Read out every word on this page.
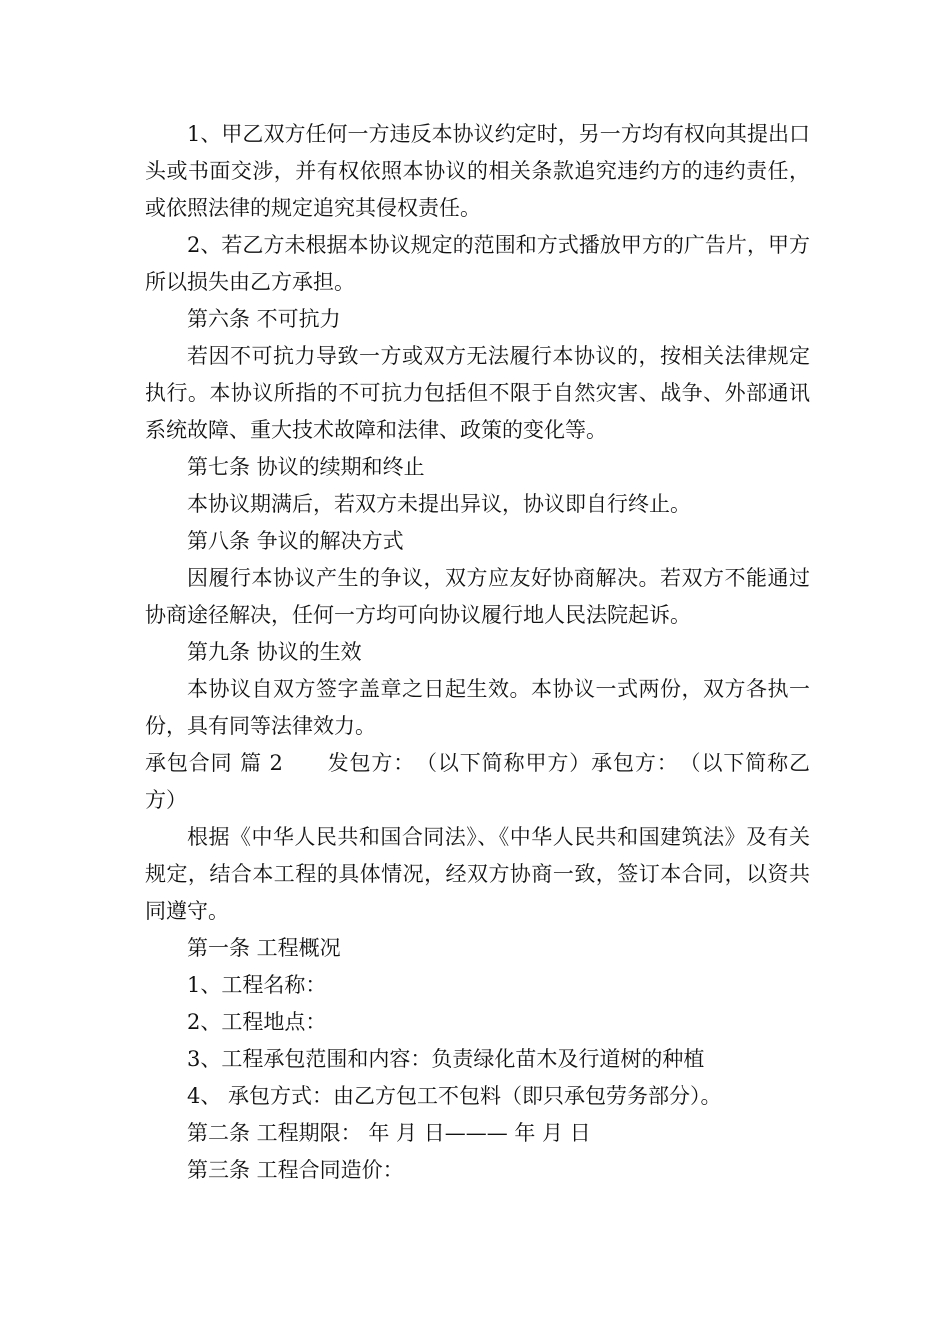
1、甲乙双方任何一方违反本协议约定时，另一方均有权向其提出口头或书面交涉，并有权依照本协议的相关条款追究违约方的违约责任，或依照法律的规定追究其侵权责任。

2、若乙方未根据本协议规定的范围和方式播放甲方的广告片，甲方所以损失由乙方承担。

第六条 不可抗力

若因不可抗力导致一方或双方无法履行本协议的，按相关法律规定执行。本协议所指的不可抗力包括但不限于自然灾害、战争、外部通讯系统故障、重大技术故障和法律、政策的变化等。

第七条 协议的续期和终止

本协议期满后，若双方未提出异议，协议即自行终止。

第八条 争议的解决方式

因履行本协议产生的争议，双方应友好协商解决。若双方不能通过协商途径解决，任何一方均可向协议履行地人民法院起诉。

第九条 协议的生效

本协议自双方签字盖章之日起生效。本协议一式两份，双方各执一份，具有同等法律效力。

承包合同 篇 2　　发包方：　（以下简称甲方）承包方：　（以下简称乙方）

根据《中华人民共和国合同法》、《中华人民共和国建筑法》及有关规定，结合本工程的具体情况，经双方协商一致，签订本合同，以资共同遵守。

第一条 工程概况

1、工程名称：

2、工程地点：

3、工程承包范围和内容：负责绿化苗木及行道树的种植

4、 承包方式：由乙方包工不包料（即只承包劳务部分）。

第二条 工程期限： 年 月 日——— 年 月 日

第三条 工程合同造价：
